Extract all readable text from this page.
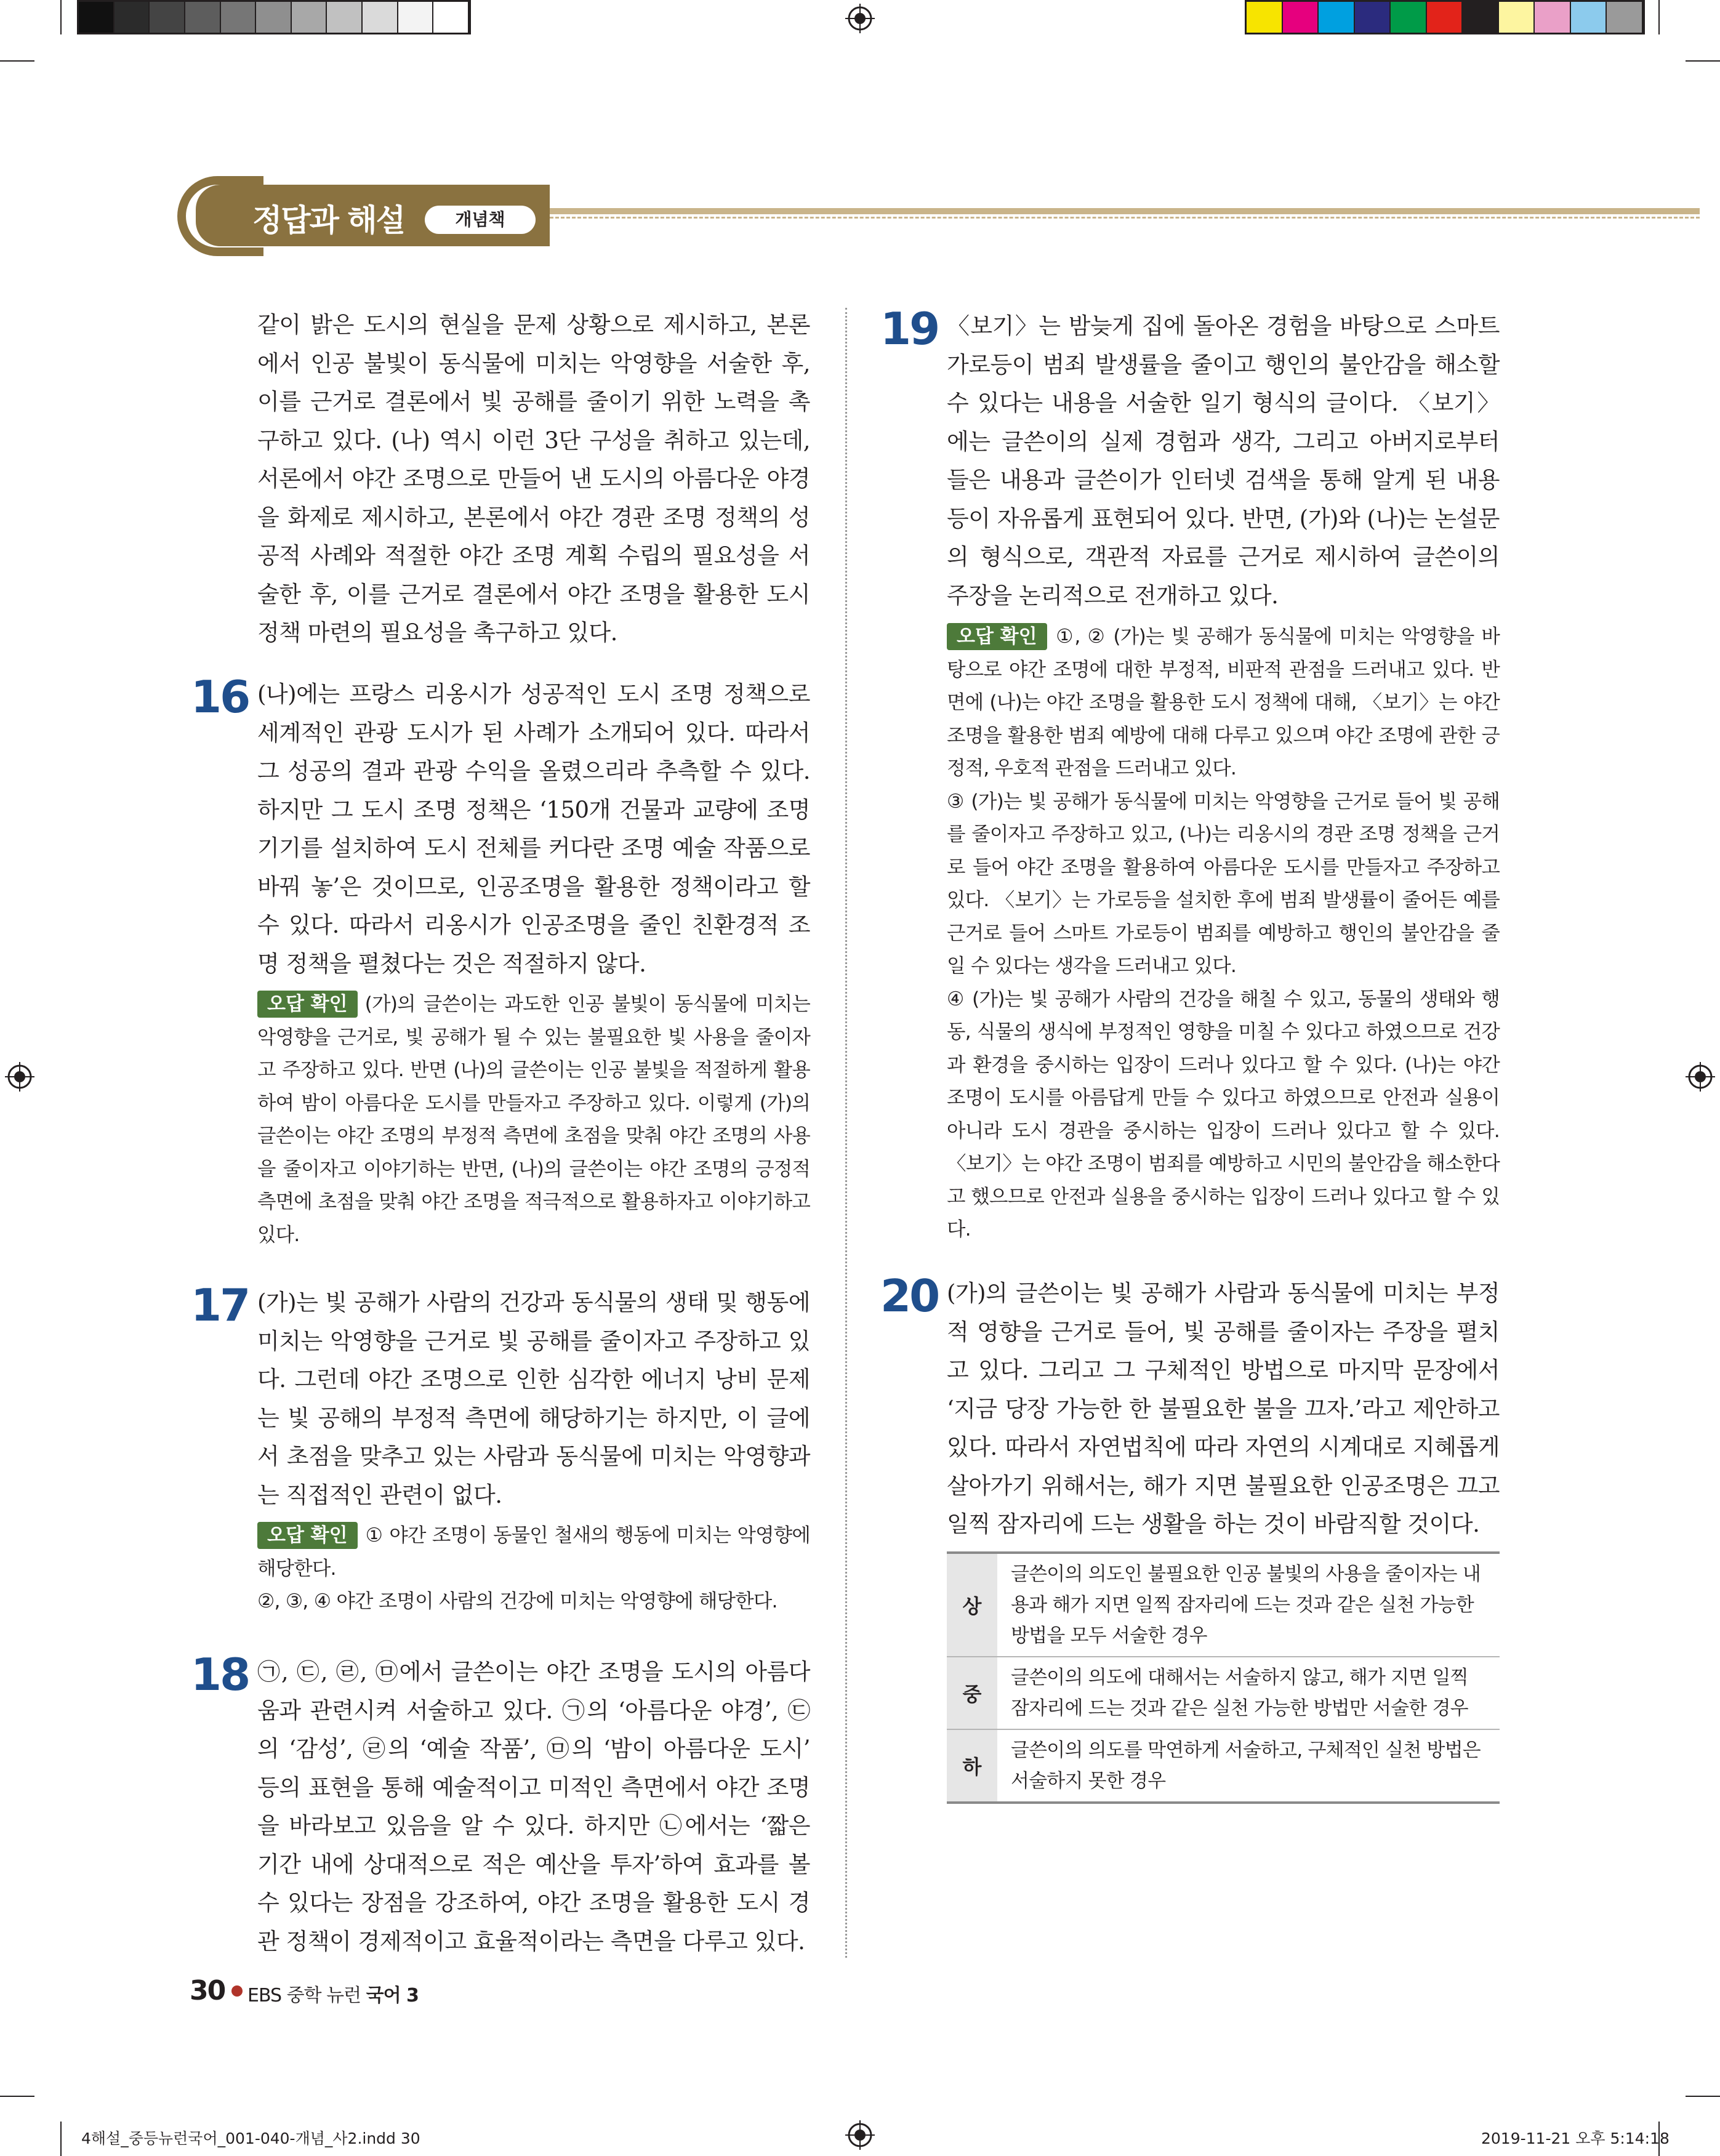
정답과 해설	개념책
같이 밝은 도시의 현실을 문제 상황으로 제시하고, 본론에서 인공 불빛이 동식물에 미치는 악영향을 서술한 후, 이를 근거로 결론에서 빛 공해를 줄이기 위한 노력을 촉구하고 있다. (나) 역시 이런 3단 구성을 취하고 있는데, 서론에서 야간 조명으로 만들어 낸 도시의 아름다운 야경을 화제로 제시하고, 본론에서 야간 경관 조명 정책의 성공적 사례와 적절한 야간 조명 계획 수립의 필요성을 서술한 후, 이를 근거로 결론에서 야간 조명을 활용한 도시 정책 마련의 필요성을 촉구하고 있다.
16 (나)에는 프랑스 리옹시가 성공적인 도시 조명 정책으로 세계적인 관광 도시가 된 사례가 소개되어 있다. 따라서 그 성공의 결과 관광 수익을 올렸으리라 추측할 수 있다. 하지만 그 도시 조명 정책은 ‘150개 건물과 교량에 조명 기기를 설치하여 도시 전체를 커다란 조명 예술 작품으로 바꿔 놓’은 것이므로, 인공조명을 활용한 정책이라고 할 수 있다. 따라서 리옹시가 인공조명을 줄인 친환경적 조명 정책을 펼쳤다는 것은 적절하지 않다.
오답 확인 (가)의 글쓴이는 과도한 인공 불빛이 동식물에 미치는 악영향을 근거로, 빛 공해가 될 수 있는 불필요한 빛 사용을 줄이자고 주장하고 있다. 반면 (나)의 글쓴이는 인공 불빛을 적절하게 활용하여 밤이 아름다운 도시를 만들자고 주장하고 있다. 이렇게 (가)의 글쓴이는 야간 조명의 부정적 측면에 초점을 맞춰 야간 조명의 사용을 줄이자고 이야기하는 반면, (나)의 글쓴이는 야간 조명의 긍정적 측면에 초점을 맞춰 야간 조명을 적극적으로 활용하자고 이야기하고 있다.
17 (가)는 빛 공해가 사람의 건강과 동식물의 생태 및 행동에 미치는 악영향을 근거로 빛 공해를 줄이자고 주장하고 있다. 그런데 야간 조명으로 인한 심각한 에너지 낭비 문제는 빛 공해의 부정적 측면에 해당하기는 하지만, 이 글에서 초점을 맞추고 있는 사람과 동식물에 미치는 악영향과는 직접적인 관련이 없다.
오답 확인 ① 야간 조명이 동물인 철새의 행동에 미치는 악영향에 해당한다.
②, ③, ④ 야간 조명이 사람의 건강에 미치는 악영향에 해당한다.
18 ㉠, ㉢, ㉣, ㉤에서 글쓴이는 야간 조명을 도시의 아름다움과 관련시켜 서술하고 있다. ㉠의 ‘아름다운 야경’, ㉢의 ‘감성’, ㉣의 ‘예술 작품’, ㉤의 ‘밤이 아름다운 도시’ 등의 표현을 통해 예술적이고 미적인 측면에서 야간 조명을 바라보고 있음을 알 수 있다. 하지만 ㉡에서는 ‘짧은 기간 내에 상대적으로 적은 예산을 투자’하여 효과를 볼 수 있다는 장점을 강조하여, 야간 조명을 활용한 도시 경관 정책이 경제적이고 효율적이라는 측면을 다루고 있다.
19 〈보기〉는 밤늦게 집에 돌아온 경험을 바탕으로 스마트 가로등이 범죄 발생률을 줄이고 행인의 불안감을 해소할 수 있다는 내용을 서술한 일기 형식의 글이다. 〈보기〉에는 글쓴이의 실제 경험과 생각, 그리고 아버지로부터 들은 내용과 글쓴이가 인터넷 검색을 통해 알게 된 내용 등이 자유롭게 표현되어 있다. 반면, (가)와 (나)는 논설문의 형식으로, 객관적 자료를 근거로 제시하여 글쓴이의 주장을 논리적으로 전개하고 있다.
오답 확인 ①, ② (가)는 빛 공해가 동식물에 미치는 악영향을 바탕으로 야간 조명에 대한 부정적, 비판적 관점을 드러내고 있다. 반면에 (나)는 야간 조명을 활용한 도시 정책에 대해, 〈보기〉는 야간 조명을 활용한 범죄 예방에 대해 다루고 있으며 야간 조명에 관한 긍정적, 우호적 관점을 드러내고 있다.
③ (가)는 빛 공해가 동식물에 미치는 악영향을 근거로 들어 빛 공해를 줄이자고 주장하고 있고, (나)는 리옹시의 경관 조명 정책을 근거로 들어 야간 조명을 활용하여 아름다운 도시를 만들자고 주장하고 있다. 〈보기〉는 가로등을 설치한 후에 범죄 발생률이 줄어든 예를 근거로 들어 스마트 가로등이 범죄를 예방하고 행인의 불안감을 줄일 수 있다는 생각을 드러내고 있다.
④ (가)는 빛 공해가 사람의 건강을 해칠 수 있고, 동물의 생태와 행동, 식물의 생식에 부정적인 영향을 미칠 수 있다고 하였으므로 건강과 환경을 중시하는 입장이 드러나 있다고 할 수 있다. (나)는 야간 조명이 도시를 아름답게 만들 수 있다고 하였으므로 안전과 실용이 아니라 도시 경관을 중시하는 입장이 드러나 있다고 할 수 있다. 〈보기〉는 야간 조명이 범죄를 예방하고 시민의 불안감을 해소한다고 했으므로 안전과 실용을 중시하는 입장이 드러나 있다고 할 수 있다.
20 (가)의 글쓴이는 빛 공해가 사람과 동식물에 미치는 부정적 영향을 근거로 들어, 빛 공해를 줄이자는 주장을 펼치고 있다. 그리고 그 구체적인 방법으로 마지막 문장에서 ‘지금 당장 가능한 한 불필요한 불을 끄자.’라고 제안하고 있다. 따라서 자연법칙에 따라 자연의 시계대로 지혜롭게 살아가기 위해서는, 해가 지면 불필요한 인공조명은 끄고 일찍 잠자리에 드는 생활을 하는 것이 바람직할 것이다.
상	글쓴이의 의도인 불필요한 인공 불빛의 사용을 줄이자는 내용과 해가 지면 일찍 잠자리에 드는 것과 같은 실천 가능한 방법을 모두 서술한 경우
중	글쓴이의 의도에 대해서는 서술하지 않고, 해가 지면 일찍 잠자리에 드는 것과 같은 실천 가능한 방법만 서술한 경우
하	글쓴이의 의도를 막연하게 서술하고, 구체적인 실천 방법은 서술하지 못한 경우
30 EBS 중학 뉴런 국어 3
4해설_중등뉴런국어_001-040-개념_사2.indd 30	2019-11-21 오후 5:14:18
